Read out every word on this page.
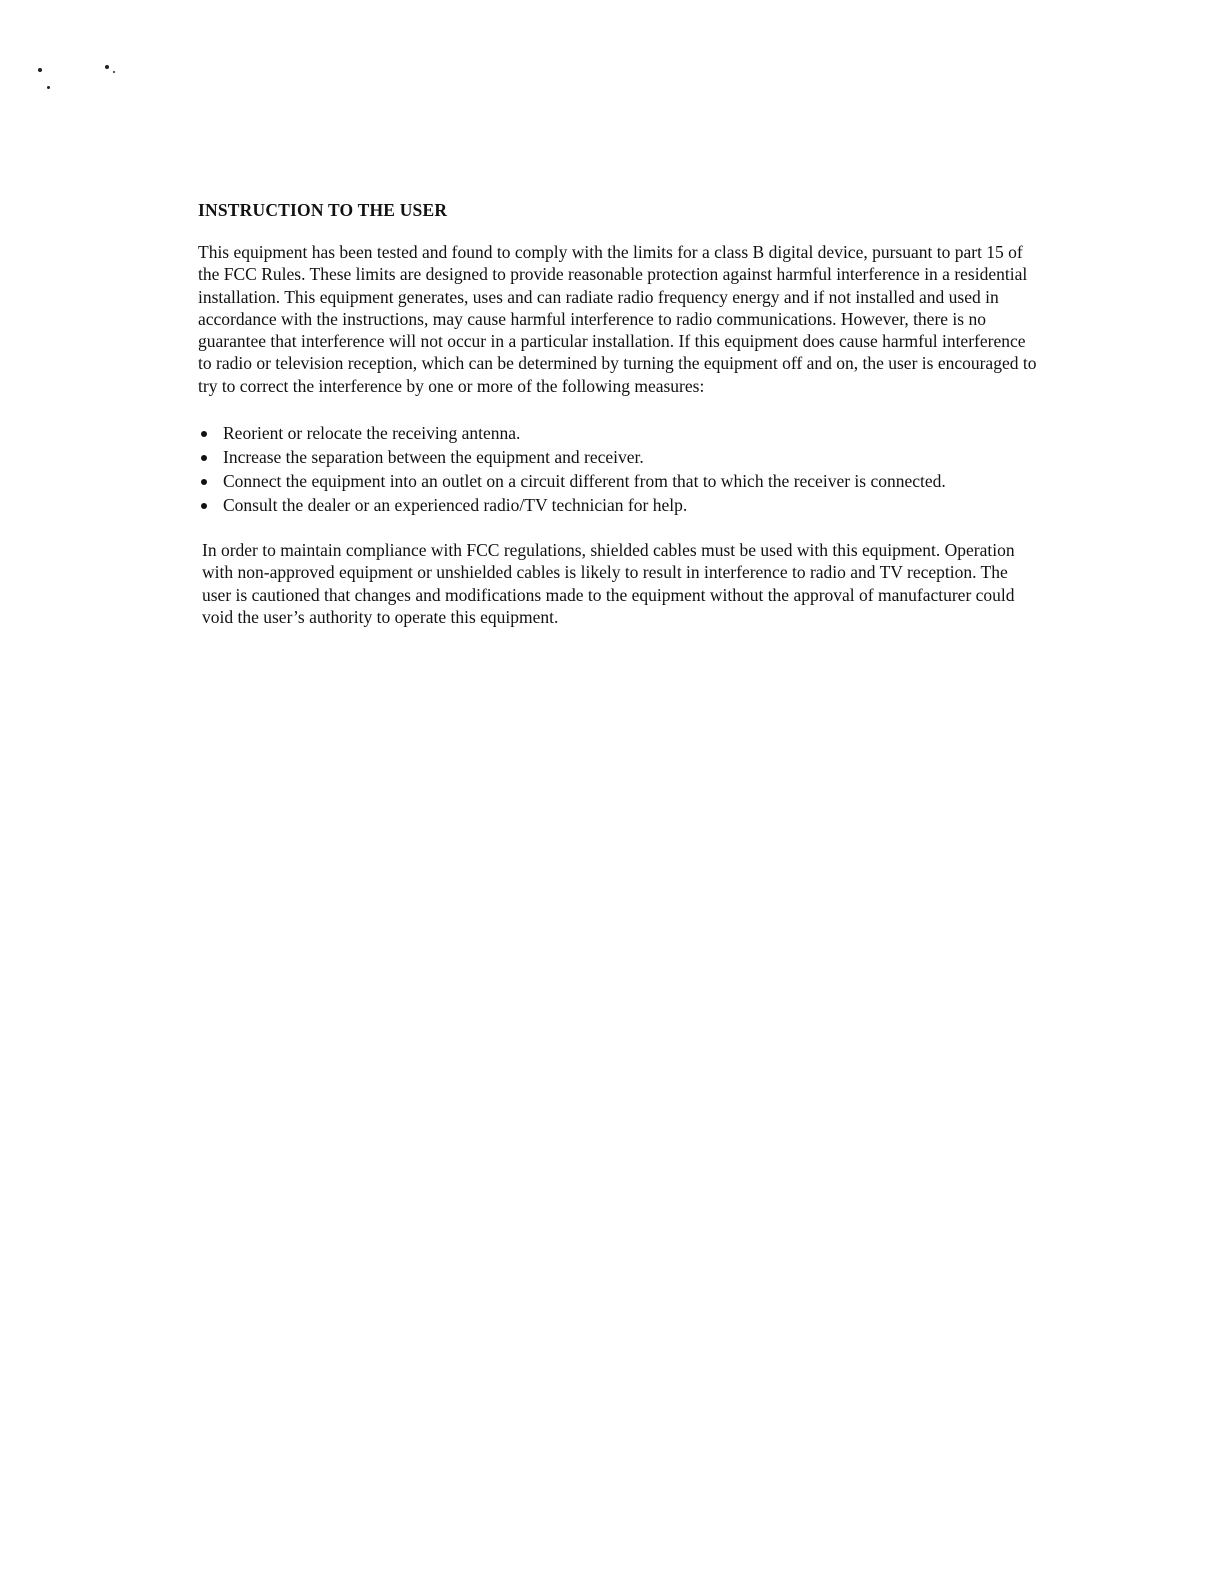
INSTRUCTION TO THE USER

This equipment has been tested and found to comply with the limits for a class B digital device, pursuant to part 15 of the FCC Rules. These limits are designed to provide reasonable protection against harmful interference in a residential installation. This equipment generates, uses and can radiate radio frequency energy and if not installed and used in accordance with the instructions, may cause harmful interference to radio communications. However, there is no guarantee that interference will not occur in a particular installation. If this equipment does cause harmful interference to radio or television reception, which can be determined by turning the equipment off and on, the user is encouraged to try to correct the interference by one or more of the following measures:

Reorient or relocate the receiving antenna.
Increase the separation between the equipment and receiver.
Connect the equipment into an outlet on a circuit different from that to which the receiver is connected.
Consult the dealer or an experienced radio/TV technician for help.

In order to maintain compliance with FCC regulations, shielded cables must be used with this equipment. Operation with non-approved equipment or unshielded cables is likely to result in interference to radio and TV reception. The user is cautioned that changes and modifications made to the equipment without the approval of manufacturer could void the user’s authority to operate this equipment.
